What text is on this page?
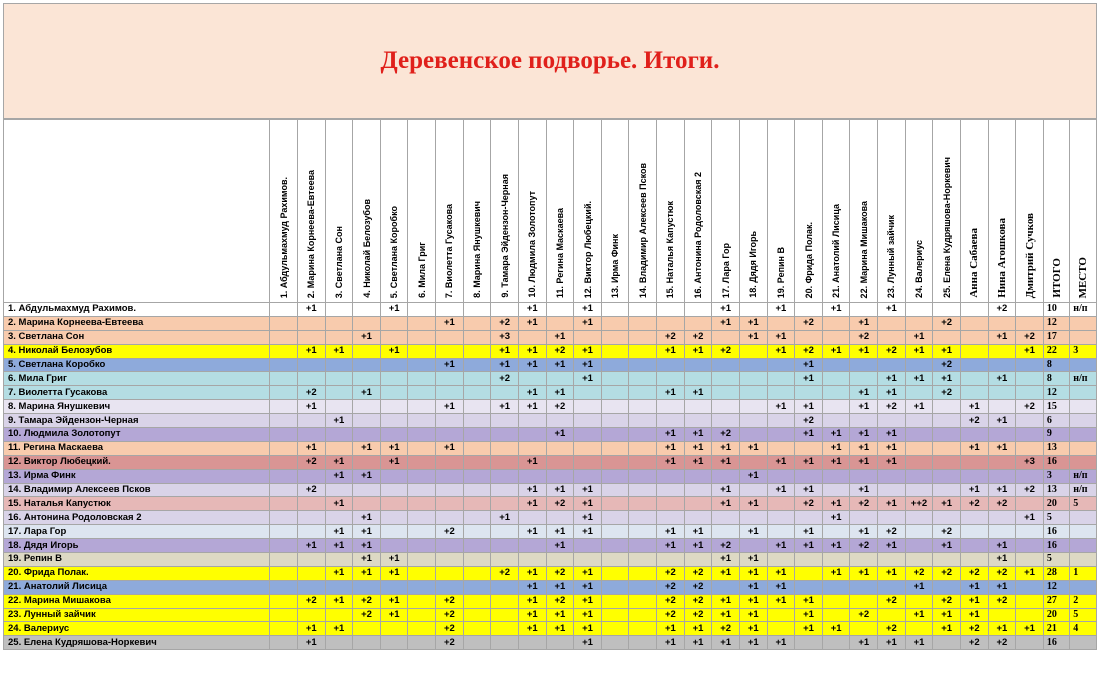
Деревенское подворье. Итоги.

	1. Абдульмахмуд Рахимов.	2. Марина Корнеева-Евтеева	3. Светлана Сон	4. Николай Белозубов	5. Светлана Коробко	6. Мила Григ	7. Виолетта Гусакова	8. Марина Янушкевич	9. Тамара Эйдензон-Черная	10. Людмила Золотопут	11. Регина Маскаева	12. Виктор Любецкий.	13. Ирма Финк	14. Владимир Алексеев Псков	15. Наталья Капустюк	16. Антонина Родоловская 2	17. Лара Гор	18. Дядя Игорь	19. Репин В	20. Фрида Полак.	21. Анатолий Лисица	22. Марина Мишакова	23. Лунный зайчик	24. Валериус	25. Елена Кудряшова-Норкевич	Анна Сабаева	Нина Агошкова	Дмитрий Сучков	ИТОГО	МЕСТО

1. Абдульмахмуд Рахимов.		+1			+1					+1		+1					+1		+1		+1		+1				+2		10	н/п
2. Марина Корнеева-Евтеева							+1		+2	+1		+1					+1	+1		+2		+1			+2				12	
3. Светлана Сон				+1					+3		+1				+2	+2		+1	+1			+2		+1			+1	+2	17	
4. Николай Белозубов		+1	+1		+1				+1	+1	+2	+1			+1	+1	+2		+1	+2	+1	+1	+2	+1	+1			+1	22	3
5. Светлана Коробко							+1		+1	+1	+1	+1								+1					+2				8	
6. Мила Григ									+2			+1								+1			+1	+1	+1		+1		8	н/п
7. Виолетта Гусакова		+2		+1						+1	+1				+1	+1						+1	+1		+2				12	
8. Марина Янушкевич		+1					+1		+1	+1	+2								+1	+1		+1	+2	+1		+1		+2	15	
9. Тамара Эйдензон-Черная			+1																	+2						+2	+1		6	
10. Людмила Золотопут											+1				+1	+1	+2			+1	+1	+1	+1						9	
11. Регина Маскаева		+1		+1	+1		+1								+1	+1	+1	+1			+1	+1	+1			+1	+1		13	
12. Виктор Любецкий.		+2	+1		+1					+1					+1	+1	+1		+1	+1	+1	+1	+1					+3	16	
13. Ирма Финк			+1	+1														+1											3	н/п
14. Владимир Алексеев Псков		+2								+1	+1	+1					+1		+1	+1		+1				+1	+1	+2	13	н/п
15. Наталья Капустюк			+1							+1	+2	+1					+1	+1		+2	+1	+2	+1	++2	+1	+2	+2		20	5
16. Антонина Родоловская 2				+1					+1			+1									+1							+1	5	
17. Лара Гор			+1	+1			+2			+1	+1	+1			+1	+1		+1		+1		+1	+2		+2				16	
18. Дядя Игорь		+1	+1	+1							+1				+1	+1	+2		+1	+1	+1	+2	+1		+1		+1		16	
19. Репин В				+1	+1												+1	+1									+1		5	
20. Фрида Полак.			+1	+1	+1				+2	+1	+2	+1			+2	+2	+1	+1	+1		+1	+1	+1	+2	+2	+2	+2	+1	28	1
21. Анатолий Лисица										+1	+1	+1			+2	+2		+1	+1					+1		+1	+1		12	
22. Марина Мишакова		+2	+1	+2	+1		+2			+1	+2	+1			+2	+2	+1	+1	+1	+1			+2		+2	+1	+2		27	2
23. Лунный зайчик				+2	+1		+2			+1	+1	+1			+2	+2	+1	+1		+1		+2		+1	+1	+1			20	5
24. Валериус		+1	+1				+2			+1	+1	+1			+1	+1	+2	+1		+1	+1		+2		+1	+2	+1	+1	21	4
25. Елена Кудряшова-Норкевич		+1					+2					+1			+1	+1	+1	+1	+1			+1	+1	+1		+2	+2		16	
